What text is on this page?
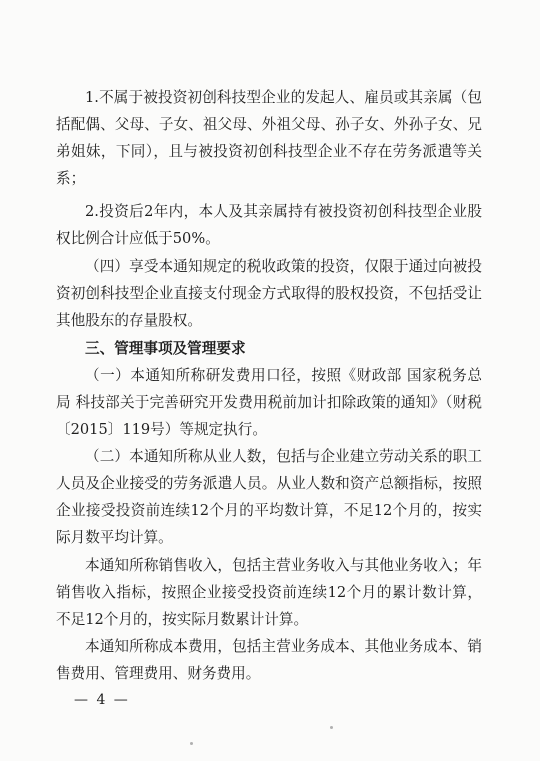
1.不属于被投资初创科技型企业的发起人、雇员或其亲属（包括配偶、父母、子女、祖父母、外祖父母、孙子女、外孙子女、兄弟姐妹，下同），且与被投资初创科技型企业不存在劳务派遣等关系；

2.投资后2年内，本人及其亲属持有被投资初创科技型企业股权比例合计应低于50%。

（四）享受本通知规定的税收政策的投资，仅限于通过向被投资初创科技型企业直接支付现金方式取得的股权投资，不包括受让其他股东的存量股权。

三、管理事项及管理要求

（一）本通知所称研发费用口径，按照《财政部 国家税务总局 科技部关于完善研究开发费用税前加计扣除政策的通知》（财税〔2015〕119号）等规定执行。

（二）本通知所称从业人数，包括与企业建立劳动关系的职工人员及企业接受的劳务派遣人员。从业人数和资产总额指标，按照企业接受投资前连续12个月的平均数计算，不足12个月的，按实际月数平均计算。

本通知所称销售收入，包括主营业务收入与其他业务收入；年销售收入指标，按照企业接受投资前连续12个月的累计数计算，不足12个月的，按实际月数累计计算。

本通知所称成本费用，包括主营业务成本、其他业务成本、销售费用、管理费用、财务费用。

— 4 —
